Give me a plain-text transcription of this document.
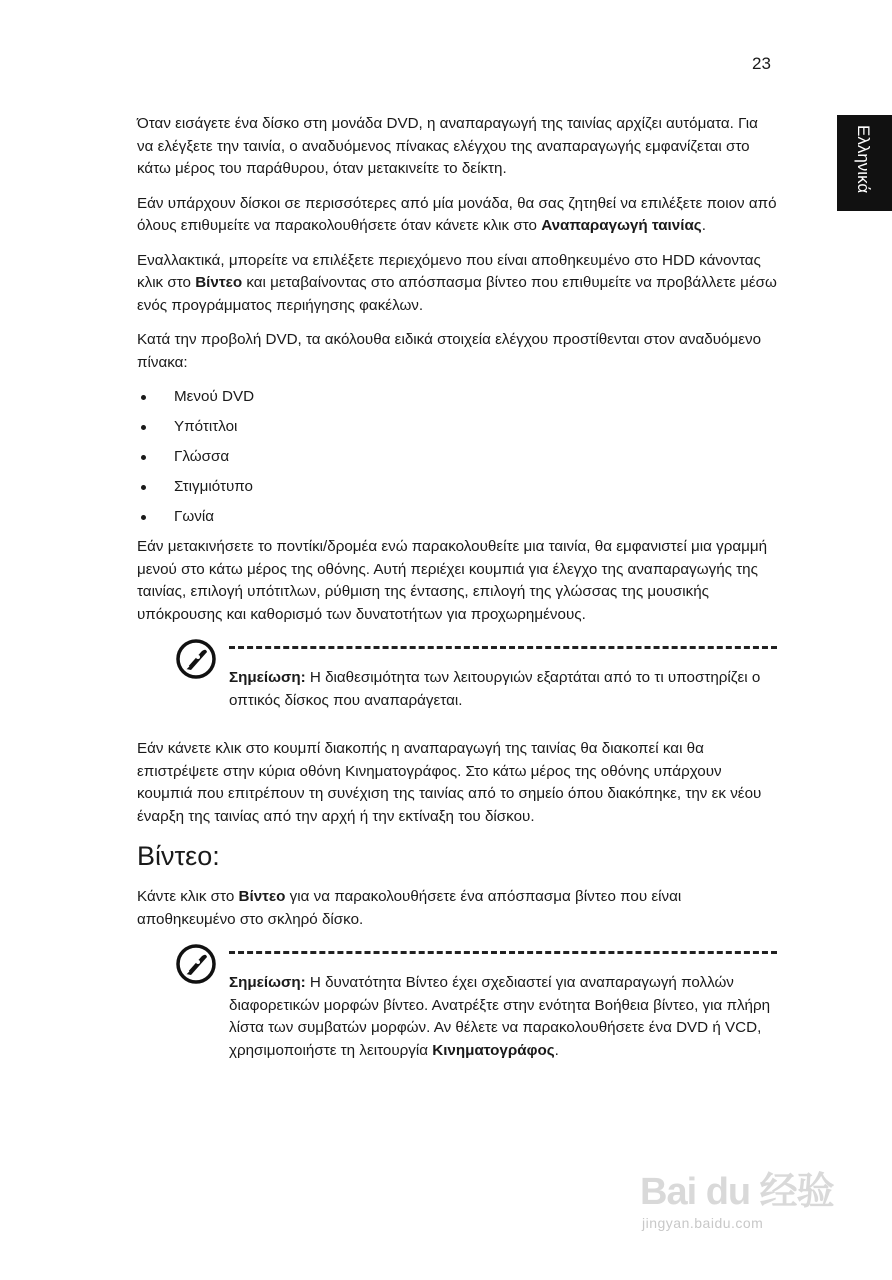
23
Ελληνικά

Όταν εισάγετε ένα δίσκο στη μονάδα DVD, η αναπαραγωγή της ταινίας αρχίζει αυτόματα. Για να ελέγξετε την ταινία, ο αναδυόμενος πίνακας ελέγχου της αναπαραγωγής εμφανίζεται στο κάτω μέρος του παράθυρου, όταν μετακινείτε το δείκτη.

Εάν υπάρχουν δίσκοι σε περισσότερες από μία μονάδα, θα σας ζητηθεί να επιλέξετε ποιον από όλους επιθυμείτε να παρακολουθήσετε όταν κάνετε κλικ στο Αναπαραγωγή ταινίας.

Εναλλακτικά, μπορείτε να επιλέξετε περιεχόμενο που είναι αποθηκευμένο στο HDD κάνοντας κλικ στο Βίντεο και μεταβαίνοντας στο απόσπασμα βίντεο που επιθυμείτε να προβάλλετε μέσω ενός προγράμματος περιήγησης φακέλων.

Κατά την προβολή DVD, τα ακόλουθα ειδικά στοιχεία ελέγχου προστίθενται στον αναδυόμενο πίνακα:

Μενού DVD
Υπότιτλοι
Γλώσσα
Στιγμιότυπο
Γωνία

Εάν μετακινήσετε το ποντίκι/δρομέα ενώ παρακολουθείτε μια ταινία, θα εμφανιστεί μια γραμμή μενού στο κάτω μέρος της οθόνης. Αυτή περιέχει κουμπιά για έλεγχο της αναπαραγωγής της ταινίας, επιλογή υπότιτλων, ρύθμιση της έντασης, επιλογή της γλώσσας της μουσικής υπόκρουσης και καθορισμό των δυνατοτήτων για προχωρημένους.

Σημείωση: Η διαθεσιμότητα των λειτουργιών εξαρτάται από το τι υποστηρίζει ο οπτικός δίσκος που αναπαράγεται.

Εάν κάνετε κλικ στο κουμπί διακοπής η αναπαραγωγή της ταινίας θα διακοπεί και θα επιστρέψετε στην κύρια οθόνη Κινηματογράφος. Στο κάτω μέρος της οθόνης υπάρχουν κουμπιά που επιτρέπουν τη συνέχιση της ταινίας από το σημείο όπου διακόπηκε, την εκ νέου έναρξη της ταινίας από την αρχή ή την εκτίναξη του δίσκου.

Βίντεο:

Κάντε κλικ στο Βίντεο για να παρακολουθήσετε ένα απόσπασμα βίντεο που είναι αποθηκευμένο στο σκληρό δίσκο.

Σημείωση: Η δυνατότητα Βίντεο έχει σχεδιαστεί για αναπαραγωγή πολλών διαφορετικών μορφών βίντεο. Ανατρέξτε στην ενότητα Βοήθεια βίντεο, για πλήρη λίστα των συμβατών μορφών. Αν θέλετε να παρακολουθήσετε ένα DVD ή VCD, χρησιμοποιήστε τη λειτουργία Κινηματογράφος.
Bai du 经验
jingyan.baidu.com
